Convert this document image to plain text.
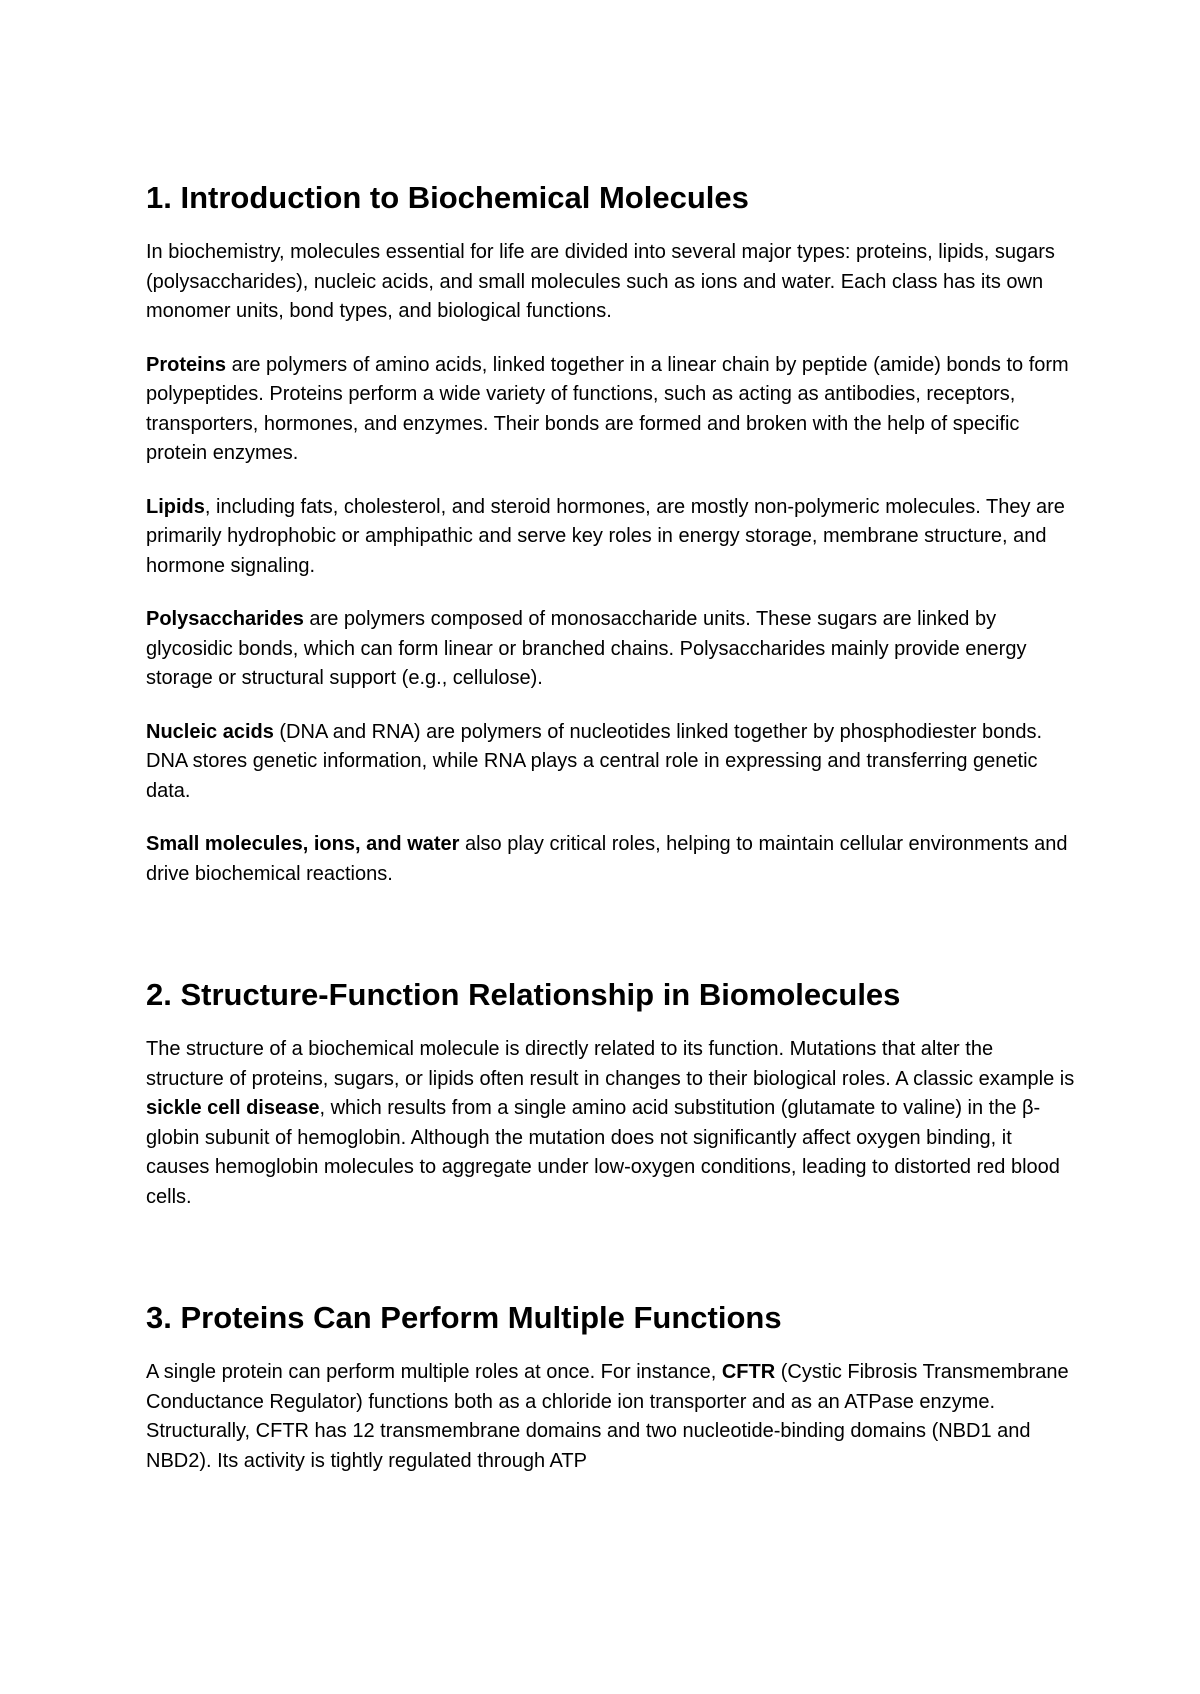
1. Introduction to Biochemical Molecules

In biochemistry, molecules essential for life are divided into several major types: proteins, lipids, sugars (polysaccharides), nucleic acids, and small molecules such as ions and water. Each class has its own monomer units, bond types, and biological functions.

Proteins are polymers of amino acids, linked together in a linear chain by peptide (amide) bonds to form polypeptides. Proteins perform a wide variety of functions, such as acting as antibodies, receptors, transporters, hormones, and enzymes. Their bonds are formed and broken with the help of specific protein enzymes.

Lipids, including fats, cholesterol, and steroid hormones, are mostly non-polymeric molecules. They are primarily hydrophobic or amphipathic and serve key roles in energy storage, membrane structure, and hormone signaling.

Polysaccharides are polymers composed of monosaccharide units. These sugars are linked by glycosidic bonds, which can form linear or branched chains. Polysaccharides mainly provide energy storage or structural support (e.g., cellulose).

Nucleic acids (DNA and RNA) are polymers of nucleotides linked together by phosphodiester bonds. DNA stores genetic information, while RNA plays a central role in expressing and transferring genetic data.

Small molecules, ions, and water also play critical roles, helping to maintain cellular environments and drive biochemical reactions.

2. Structure-Function Relationship in Biomolecules

The structure of a biochemical molecule is directly related to its function. Mutations that alter the structure of proteins, sugars, or lipids often result in changes to their biological roles. A classic example is sickle cell disease, which results from a single amino acid substitution (glutamate to valine) in the β-globin subunit of hemoglobin. Although the mutation does not significantly affect oxygen binding, it causes hemoglobin molecules to aggregate under low-oxygen conditions, leading to distorted red blood cells.

3. Proteins Can Perform Multiple Functions

A single protein can perform multiple roles at once. For instance, CFTR (Cystic Fibrosis Transmembrane Conductance Regulator) functions both as a chloride ion transporter and as an ATPase enzyme. Structurally, CFTR has 12 transmembrane domains and two nucleotide-binding domains (NBD1 and NBD2). Its activity is tightly regulated through ATP
